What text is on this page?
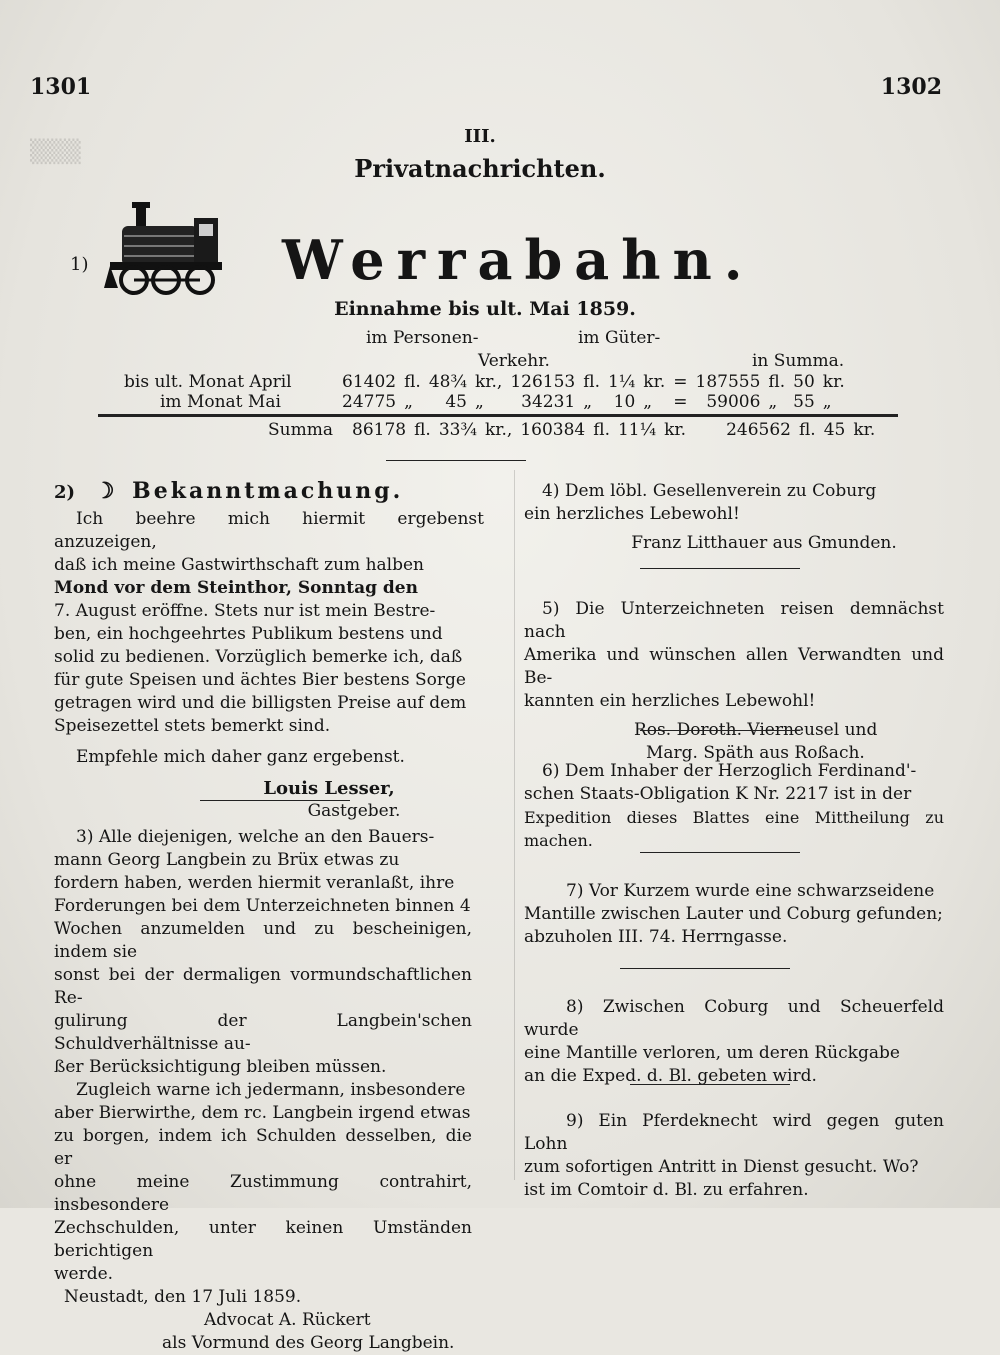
▒▒▒
1301	1302
III.
Privatnachrichten.
1)	Werrabahn.
Einnahme bis ult. Mai 1859.
im Personen-	im Güter-
Verkehr.	in Summa.
bis ult. Monat April	61402	fl.	48¾	kr.,	126153	fl.	1¼	kr.	=	187555	fl.	50	kr.
im Monat Mai	24775	„	45	„	34231	„	10	„	=	59006	„	55	„
Summa	86178	fl.	33¾	kr.,	160384	fl.	11¼	kr.	246562	fl.	45	kr.
2) ☽ Bekanntmachung.
Ich beehre mich hiermit ergebenst anzuzeigen,
daß ich meine Gastwirthschaft zum halben
Mond vor dem Steinthor, Sonntag den
7. August eröffne. Stets nur ist mein Bestre-
ben, ein hochgeehrtes Publikum bestens und
solid zu bedienen. Vorzüglich bemerke ich, daß
für gute Speisen und ächtes Bier bestens Sorge
getragen wird und die billigsten Preise auf dem
Speisezettel stets bemerkt sind.
Empfehle mich daher ganz ergebenst.
Louis Lesser,
Gastgeber.
3) Alle diejenigen, welche an den Bauers-
mann Georg Langbein zu Brüx etwas zu
fordern haben, werden hiermit veranlaßt, ihre
Forderungen bei dem Unterzeichneten binnen 4
Wochen anzumelden und zu bescheinigen, indem sie
sonst bei der dermaligen vormundschaftlichen Re-
gulirung der Langbein'schen Schuldverhältnisse au-
ßer Berücksichtigung bleiben müssen.
Zugleich warne ich jedermann, insbesondere
aber Bierwirthe, dem rc. Langbein irgend etwas
zu borgen, indem ich Schulden desselben, die er
ohne meine Zustimmung contrahirt, insbesondere
Zechschulden, unter keinen Umständen berichtigen
werde.
Neustadt, den 17 Juli 1859.
Advocat A. Rückert
als Vormund des Georg Langbein.
4) Dem löbl. Gesellenverein zu Coburg
ein herzliches Lebewohl!
Franz Litthauer aus Gmunden.
5) Die Unterzeichneten reisen demnächst nach
Amerika und wünschen allen Verwandten und Be-
kannten ein herzliches Lebewohl!
Ros. Doroth. Vierneusel und
Marg. Späth aus Roßach.
6) Dem Inhaber der Herzoglich Ferdinand'-
schen Staats-Obligation K Nr. 2217 ist in der
Expedition dieses Blattes eine Mittheilung zu machen.
7) Vor Kurzem wurde eine schwarzseidene
Mantille zwischen Lauter und Coburg gefunden;
abzuholen III. 74. Herrngasse.
8) Zwischen Coburg und Scheuerfeld wurde
eine Mantille verloren, um deren Rückgabe
an die Exped. d. Bl. gebeten wird.
9) Ein Pferdeknecht wird gegen guten Lohn
zum sofortigen Antritt in Dienst gesucht. Wo?
ist im Comtoir d. Bl. zu erfahren.
